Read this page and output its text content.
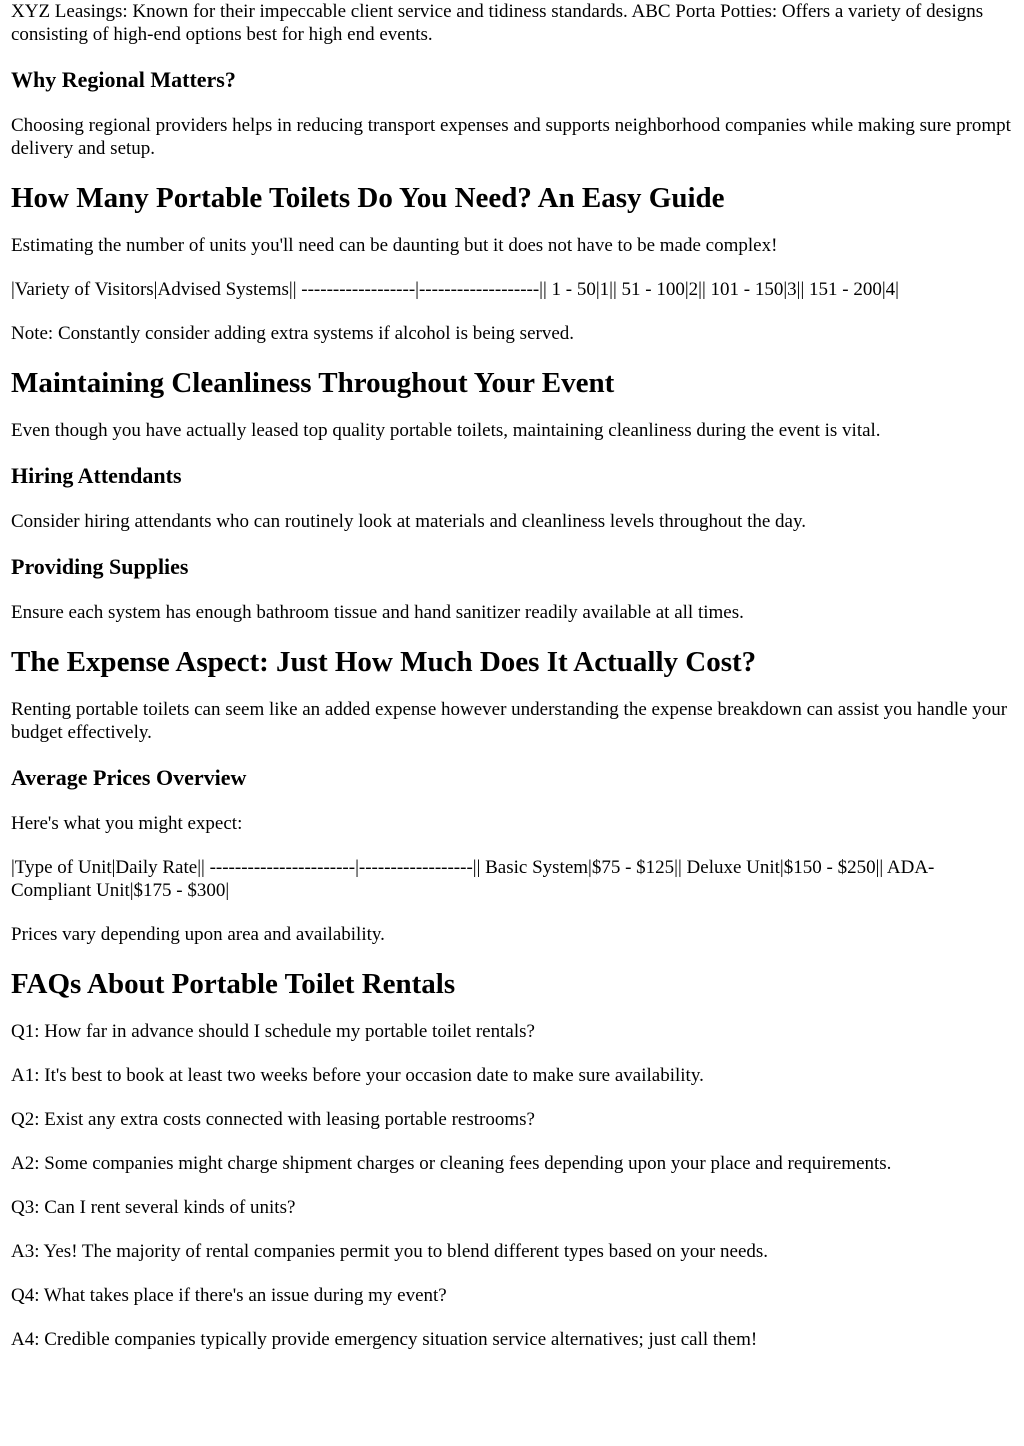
XYZ Leasings: Known for their impeccable client service and tidiness standards. ABC Porta Potties: Offers a variety of designs consisting of high-end options best for high end events.

Why Regional Matters?

Choosing regional providers helps in reducing transport expenses and supports neighborhood companies while making sure prompt delivery and setup.

How Many Portable Toilets Do You Need? An Easy Guide

Estimating the number of units you'll need can be daunting but it does not have to be made complex!

|Variety of Visitors|Advised Systems|| ------------------|-------------------|| 1 - 50|1|| 51 - 100|2|| 101 - 150|3|| 151 - 200|4|

Note: Constantly consider adding extra systems if alcohol is being served.

Maintaining Cleanliness Throughout Your Event

Even though you have actually leased top quality portable toilets, maintaining cleanliness during the event is vital.

Hiring Attendants

Consider hiring attendants who can routinely look at materials and cleanliness levels throughout the day.

Providing Supplies

Ensure each system has enough bathroom tissue and hand sanitizer readily available at all times.

The Expense Aspect: Just How Much Does It Actually Cost?

Renting portable toilets can seem like an added expense however understanding the expense breakdown can assist you handle your budget effectively.

Average Prices Overview

Here's what you might expect:

|Type of Unit|Daily Rate|| -----------------------|------------------|| Basic System|$75 - $125|| Deluxe Unit|$150 - $250|| ADA-Compliant Unit|$175 - $300|

Prices vary depending upon area and availability.

FAQs About Portable Toilet Rentals

Q1: How far in advance should I schedule my portable toilet rentals?

A1: It's best to book at least two weeks before your occasion date to make sure availability.

Q2: Exist any extra costs connected with leasing portable restrooms?

A2: Some companies might charge shipment charges or cleaning fees depending upon your place and requirements.

Q3: Can I rent several kinds of units?

A3: Yes! The majority of rental companies permit you to blend different types based on your needs.

Q4: What takes place if there's an issue during my event?

A4: Credible companies typically provide emergency situation service alternatives; just call them!
